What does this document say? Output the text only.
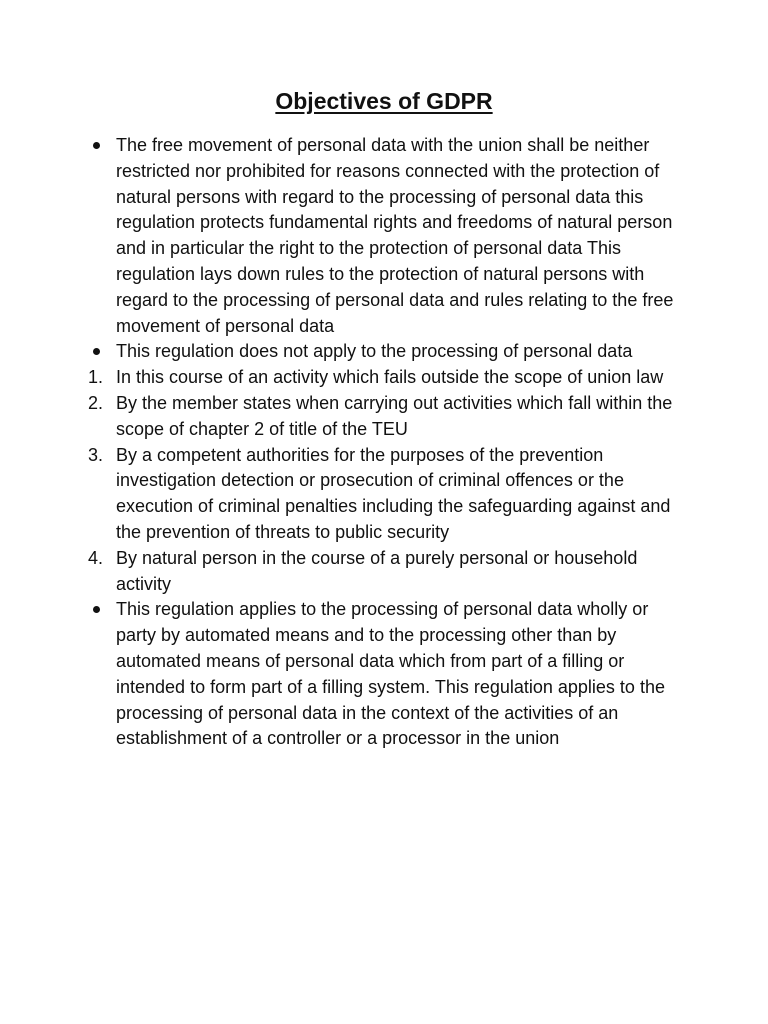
Objectives of GDPR

The free movement of personal data with the union shall be neither restricted nor prohibited for reasons connected with the protection of natural persons with regard to the processing of personal data this regulation protects fundamental rights and freedoms of natural person and in particular the right to the protection of personal data This regulation lays down rules to the protection of natural persons with regard to the processing of personal data and rules relating to the free movement of personal data

This regulation does not apply to the processing of personal data

1. In this course of an activity which fails outside the scope of union law

2. By the member states when carrying out activities which fall within the scope of chapter 2 of title of the TEU

3. By a competent authorities for the purposes of the prevention investigation detection or prosecution of criminal offences or the execution of criminal penalties including the safeguarding against and the prevention of threats to public security

4. By natural person in the course of a purely personal or household activity

This regulation applies to the processing of personal data wholly or party by automated means and to the processing other than by automated means of personal data which from part of a filling or intended to form part of a filling system. This regulation applies to the processing of personal data in the context of the activities of an establishment of a controller or a processor in the union
